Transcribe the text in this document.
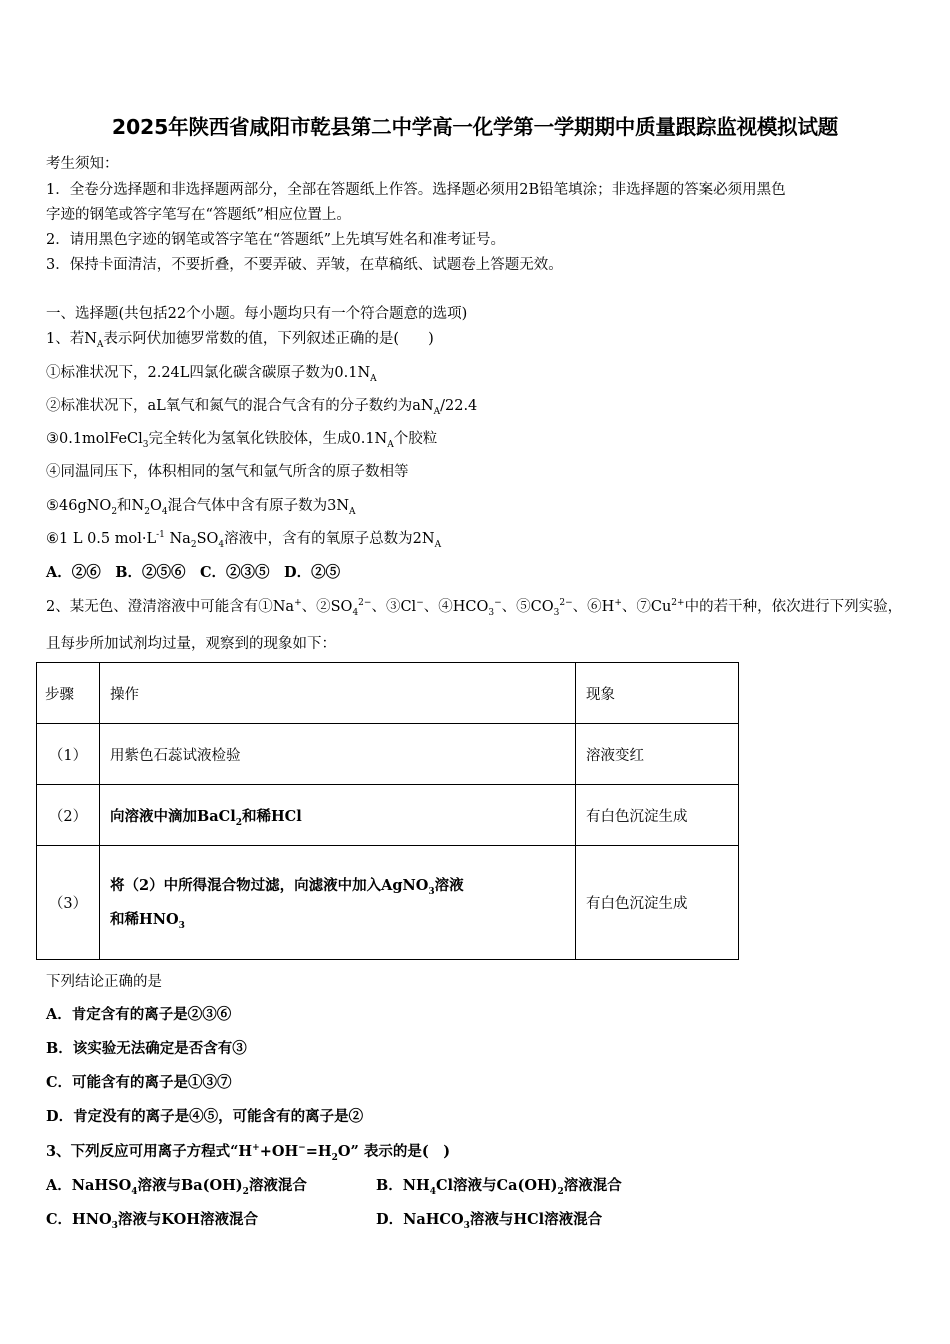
2025年陕西省咸阳市乾县第二中学高一化学第一学期期中质量跟踪监视模拟试题
考生须知：
1．全卷分选择题和非选择题两部分，全部在答题纸上作答。选择题必须用2B铅笔填涂；非选择题的答案必须用黑色
字迹的钢笔或答字笔写在“答题纸”相应位置上。
2．请用黑色字迹的钢笔或答字笔在“答题纸”上先填写姓名和准考证号。
3．保持卡面清洁，不要折叠，不要弄破、弄皱，在草稿纸、试题卷上答题无效。
一、选择题(共包括22个小题。每小题均只有一个符合题意的选项)
1、若$N_A$表示阿伏加德罗常数的值，下列叙述正确的是(　　)
①标准状况下，2.24L四氯化碳含碳原子数为$0.1N_A$
②标准状况下，aL氧气和氮气的混合气含有的分子数约为$aN_A/22.4$
③0.1molFeCl$_3$完全转化为氢氧化铁胶体，生成$0.1N_A$个胶粒
④同温同压下，体积相同的氢气和氩气所含的原子数相等
⑤46gNO$_2$和$N_2O_4$混合气体中含有原子数为$3N_A$
⑥1 L 0.5 $mol\cdot L^{-1}$ $Na_2SO_4$溶液中，含有的氧原子总数为$2N_A$
A．②⑥　B．②⑤⑥　C．②③⑤　D．②⑤
2、某无色、澄清溶液中可能含有①Na+、$②SO_4^{2-}$、③Cl−、$④HCO_3^-$、$⑤CO_3^{2-}$、⑥H+、$⑦Cu^{2+}$中的若干种，依次进行下列实验，
且每步所加试剂均过量，观察到的现象如下：
步骤	操作	现象
（1）	用紫色石蕊试液检验	溶液变红
（2）	向溶液中滴加BaCl$_2$和稀HCl	有白色沉淀生成
（3）	将（2）中所得混合物过滤，向滤液中加入AgNO$_3$溶液
和稀$HNO_3$	有白色沉淀生成
下列结论正确的是
A．肯定含有的离子是②③⑥
B．该实验无法确定是否含有③
C．可能含有的离子是①③⑦
D．肯定没有的离子是④⑤，可能含有的离子是②
3、下列反应可用离子方程式“$H^++OH^-=H_2O$” 表示的是(　)
A．NaHSO$_4$溶液与$Ba(OH)_2$溶液混合	B．$NH_4Cl$溶液与$Ca(OH)_2$溶液混合
C．$HNO_3$溶液与KOH溶液混合	D．NaHCO$_3$溶液与HCl溶液混合
